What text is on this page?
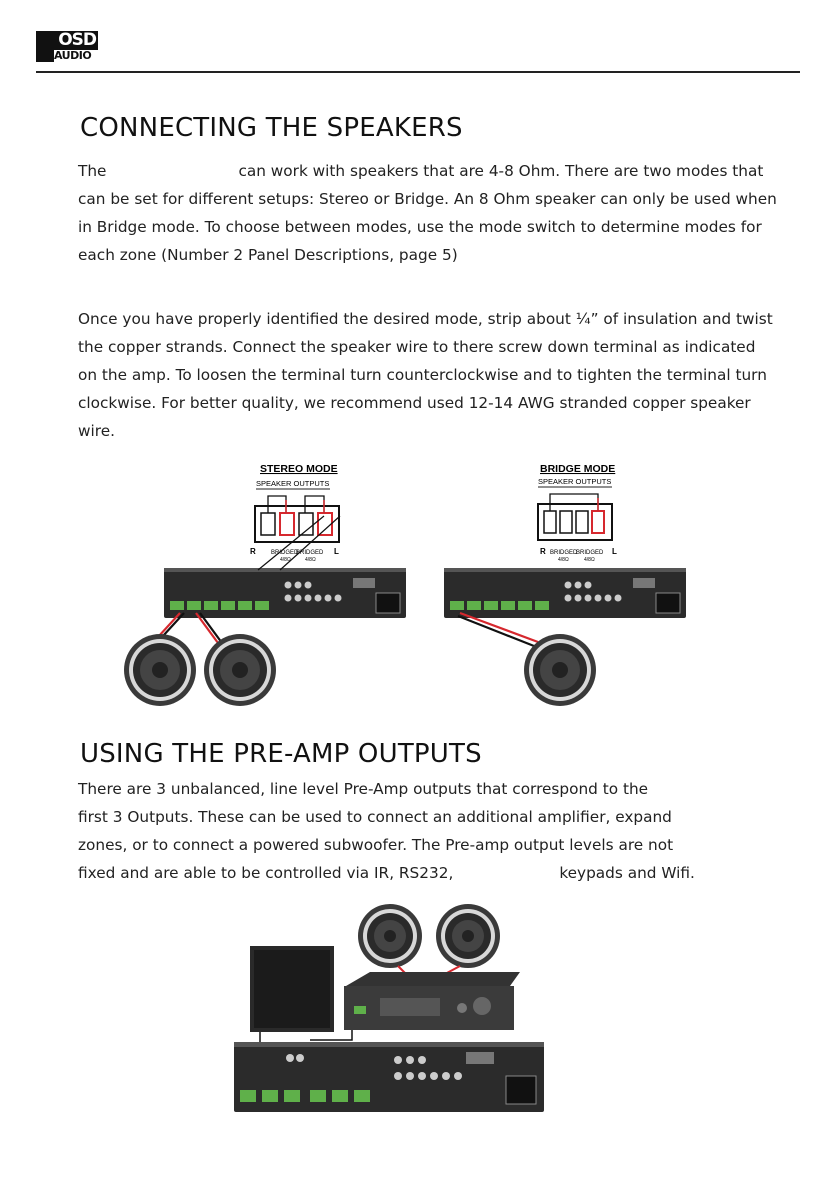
OSD
AUDIO
CONNECTING THE SPEAKERS

The	can work with speakers that are 4-8 Ohm. There are two modes that can be set for different setups: Stereo or Bridge. An 8 Ohm speaker can only be used when in Bridge mode. To choose between modes, use the mode switch to determine modes for each zone (Number 2 Panel Descriptions, page 5)

Once you have properly identified the desired mode, strip about ¼” of insulation and twist the copper strands. Connect the speaker wire to there screw down terminal as indicated on the amp. To loosen the terminal turn counterclockwise and to tighten the terminal turn clockwise. For better quality, we recommend used 12-14 AWG stranded copper speaker wire.

STEREO MODE
SPEAKER OUTPUTS
R	BRIDGED
BRIDGED
4/8Ω	4/8Ω
L
BRIDGE MODE
SPEAKER OUTPUTS
R BRIDGED
BRIDGED
4/8Ω	4/8Ω
L
USING THE PRE-AMP OUTPUTS
There are 3 unbalanced, line level Pre-Amp outputs that correspond to the
first 3 Outputs. These can be used to connect an additional amplifier, expand
zones, or to connect a powered subwoofer. The Pre-amp output levels are not
fixed and are able to be controlled via IR, RS232,	keypads and Wifi.
